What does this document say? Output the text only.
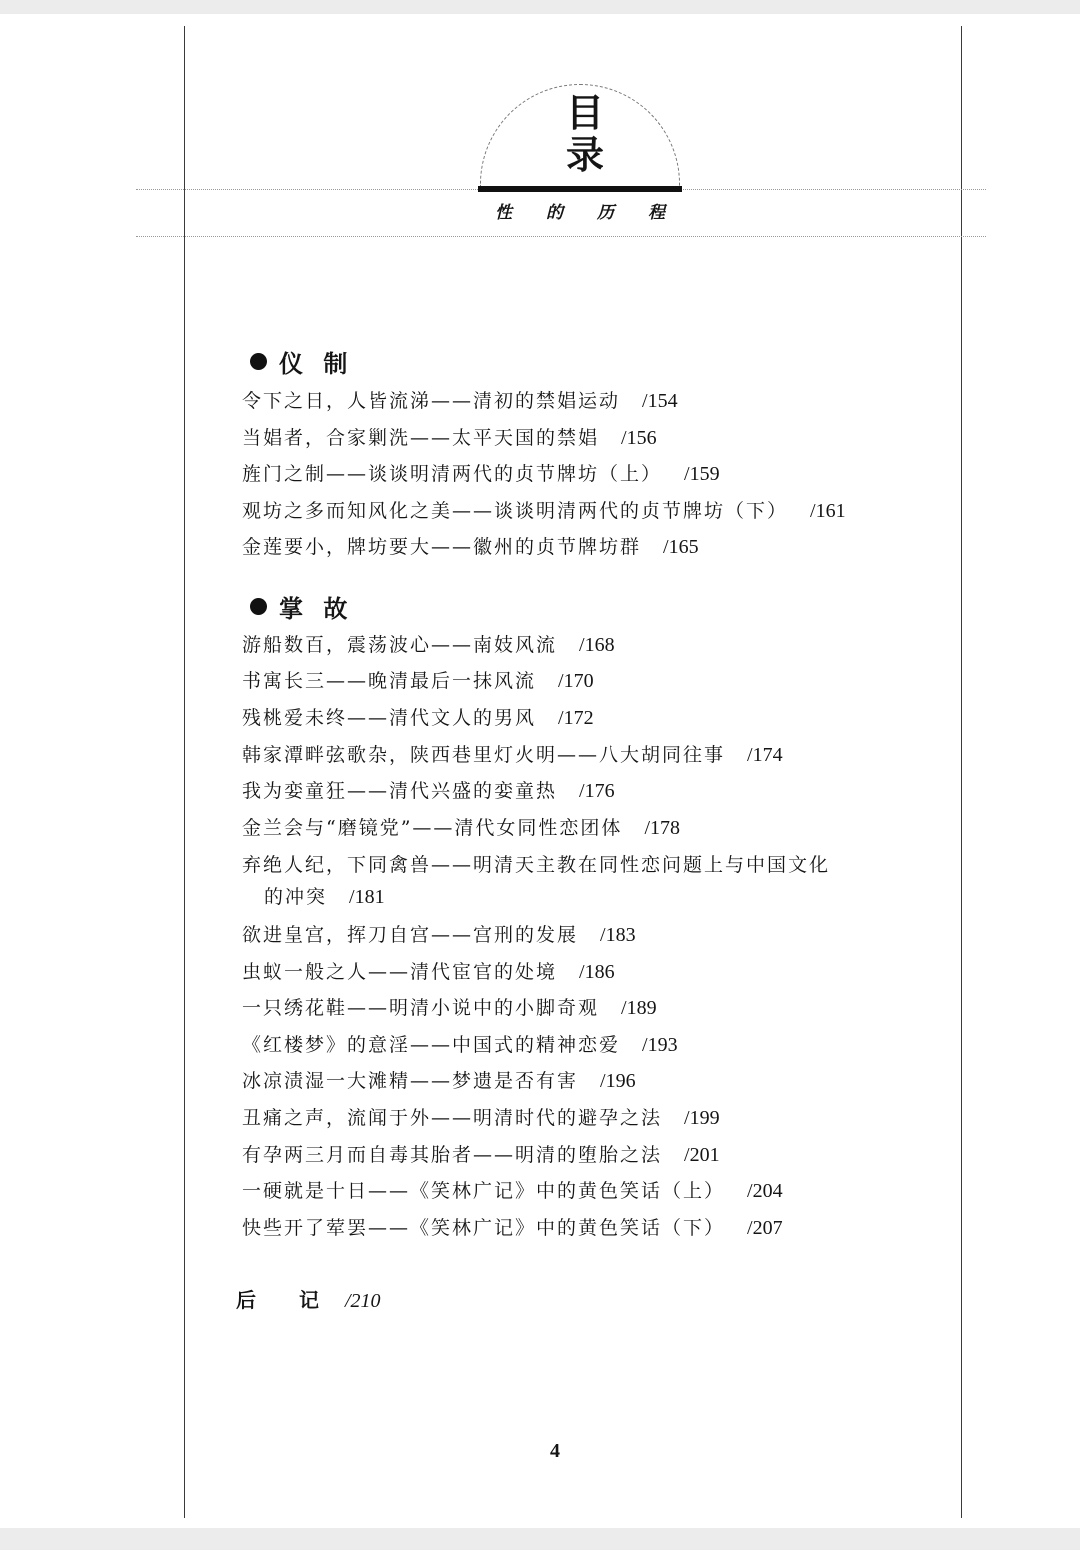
目
录
性 的 历 程
仪 制
令下之日，人皆流涕——清初的禁娼运动 /154
当娼者，合家剿洗——太平天国的禁娼 /156
旌门之制——谈谈明清两代的贞节牌坊（上） /159
观坊之多而知风化之美——谈谈明清两代的贞节牌坊（下） /161
金莲要小，牌坊要大——徽州的贞节牌坊群 /165
掌 故
游船数百，震荡波心——南妓风流 /168
书寓长三——晚清最后一抹风流 /170
残桃爱未终——清代文人的男风 /172
韩家潭畔弦歌杂，陕西巷里灯火明——八大胡同往事 /174
我为娈童狂——清代兴盛的娈童热 /176
金兰会与“磨镜党”——清代女同性恋团体 /178
弃绝人纪，下同禽兽——明清天主教在同性恋问题上与中国文化
的冲突 /181
欲进皇宫，挥刀自宫——宫刑的发展 /183
虫蚁一般之人——清代宦官的处境 /186
一只绣花鞋——明清小说中的小脚奇观 /189
《红楼梦》的意淫——中国式的精神恋爱 /193
冰凉渍湿一大滩精——梦遗是否有害 /196
丑痛之声，流闻于外——明清时代的避孕之法 /199
有孕两三月而自毒其胎者——明清的堕胎之法 /201
一硬就是十日——《笑林广记》中的黄色笑话（上） /204
快些开了荤罢——《笑林广记》中的黄色笑话（下） /207
后 记 /210
4
